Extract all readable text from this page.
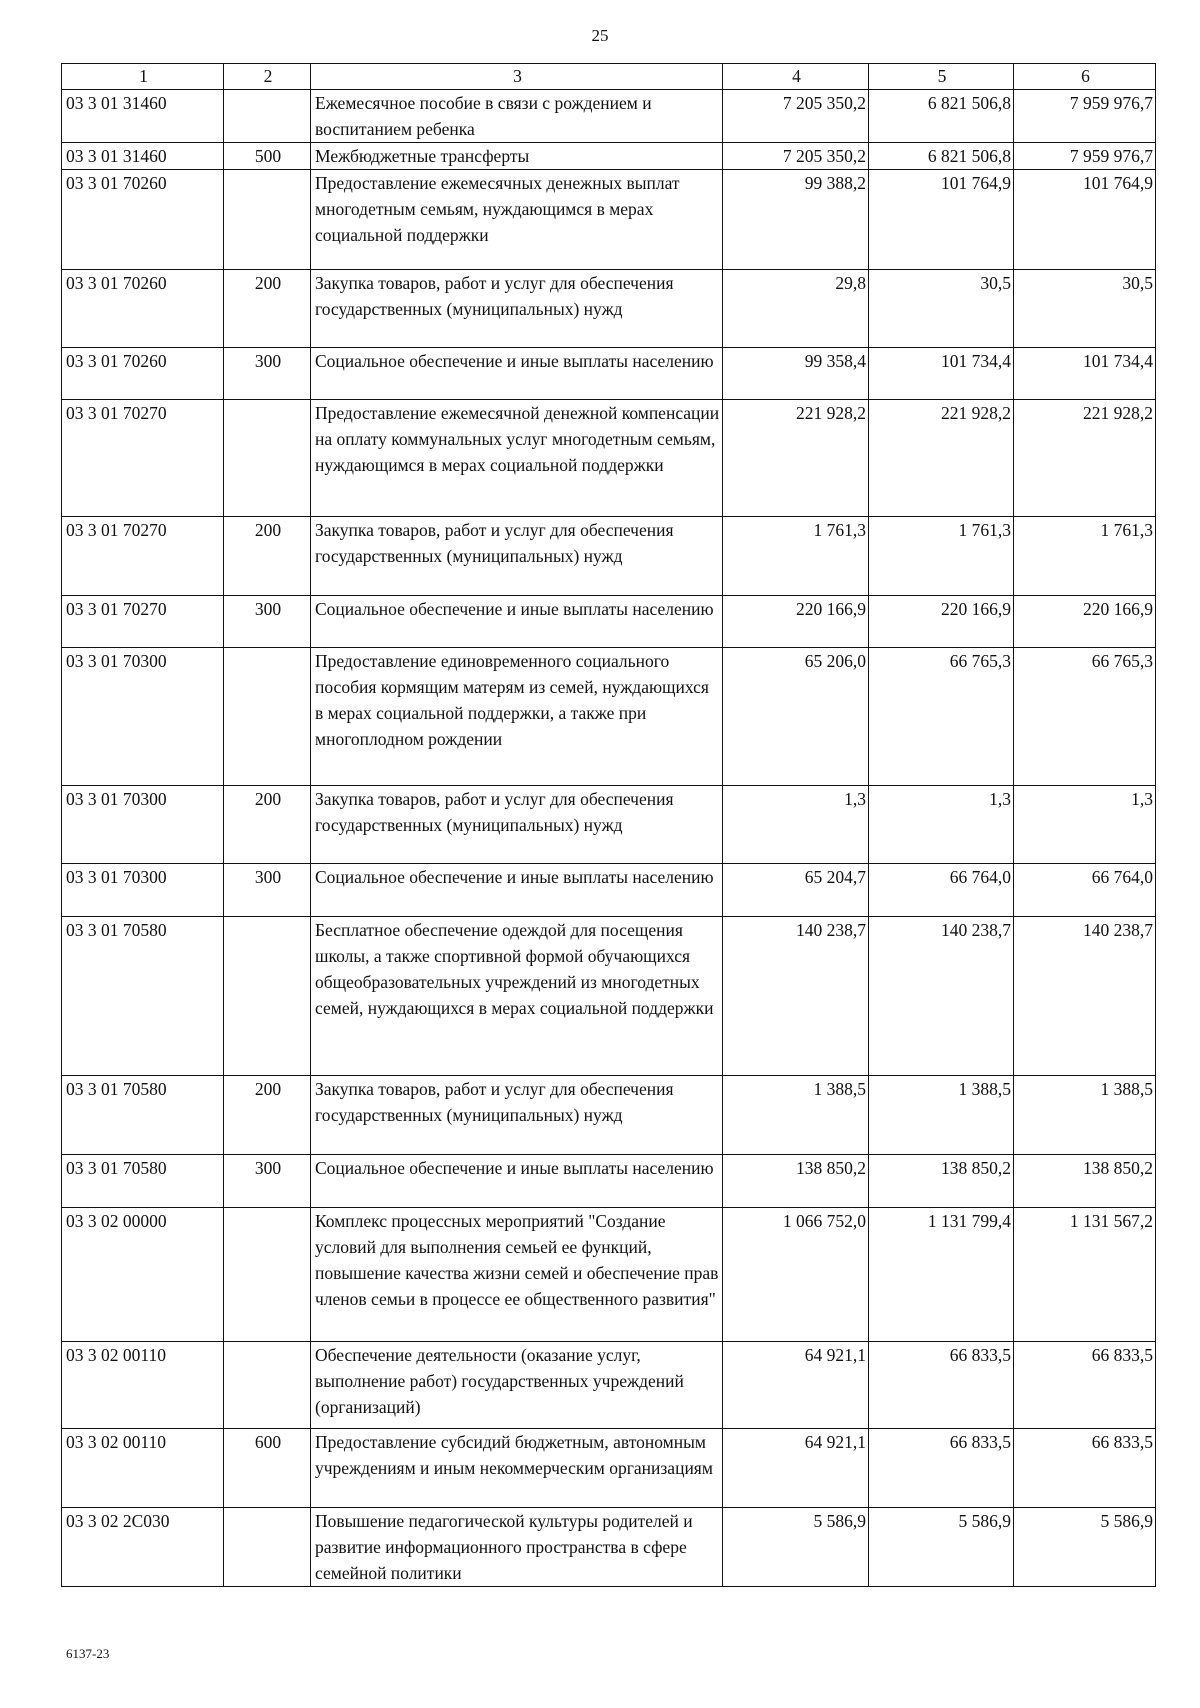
25
1	2	3	4	5	6
03 3 01 31460		Ежемесячное пособие в связи с рождением и воспитанием ребенка	7 205 350,2	6 821 506,8	7 959 976,7
03 3 01 31460	500	Межбюджетные трансферты	7 205 350,2	6 821 506,8	7 959 976,7
03 3 01 70260		Предоставление ежемесячных денежных выплат многодетным семьям, нуждающимся в мерах социальной поддержки	99 388,2	101 764,9	101 764,9
03 3 01 70260	200	Закупка товаров, работ и услуг для обеспечения государственных (муниципальных) нужд	29,8	30,5	30,5
03 3 01 70260	300	Социальное обеспечение и иные выплаты населению	99 358,4	101 734,4	101 734,4
03 3 01 70270		Предоставление ежемесячной денежной компенсации на оплату коммунальных услуг многодетным семьям, нуждающимся в мерах социальной поддержки	221 928,2	221 928,2	221 928,2
03 3 01 70270	200	Закупка товаров, работ и услуг для обеспечения государственных (муниципальных) нужд	1 761,3	1 761,3	1 761,3
03 3 01 70270	300	Социальное обеспечение и иные выплаты населению	220 166,9	220 166,9	220 166,9
03 3 01 70300		Предоставление единовременного социального пособия кормящим матерям из семей, нуждающихся в мерах социальной поддержки, а также при многоплодном рождении	65 206,0	66 765,3	66 765,3
03 3 01 70300	200	Закупка товаров, работ и услуг для обеспечения государственных (муниципальных) нужд	1,3	1,3	1,3
03 3 01 70300	300	Социальное обеспечение и иные выплаты населению	65 204,7	66 764,0	66 764,0
03 3 01 70580		Бесплатное обеспечение одеждой для посещения школы, а также спортивной формой обучающихся общеобразовательных учреждений из многодетных семей, нуждающихся в мерах социальной поддержки	140 238,7	140 238,7	140 238,7
03 3 01 70580	200	Закупка товаров, работ и услуг для обеспечения государственных (муниципальных) нужд	1 388,5	1 388,5	1 388,5
03 3 01 70580	300	Социальное обеспечение и иные выплаты населению	138 850,2	138 850,2	138 850,2
03 3 02 00000		Комплекс процессных мероприятий "Создание условий для выполнения семьей ее функций, повышение качества жизни семей и обеспечение прав членов семьи в процессе ее общественного развития"	1 066 752,0	1 131 799,4	1 131 567,2
03 3 02 00110		Обеспечение деятельности (оказание услуг, выполнение работ) государственных учреждений (организаций)	64 921,1	66 833,5	66 833,5
03 3 02 00110	600	Предоставление субсидий бюджетным, автономным учреждениям и иным некоммерческим организациям	64 921,1	66 833,5	66 833,5
03 3 02 2С030		Повышение педагогической культуры родителей и развитие информационного пространства в сфере семейной политики	5 586,9	5 586,9	5 586,9
6137-23
